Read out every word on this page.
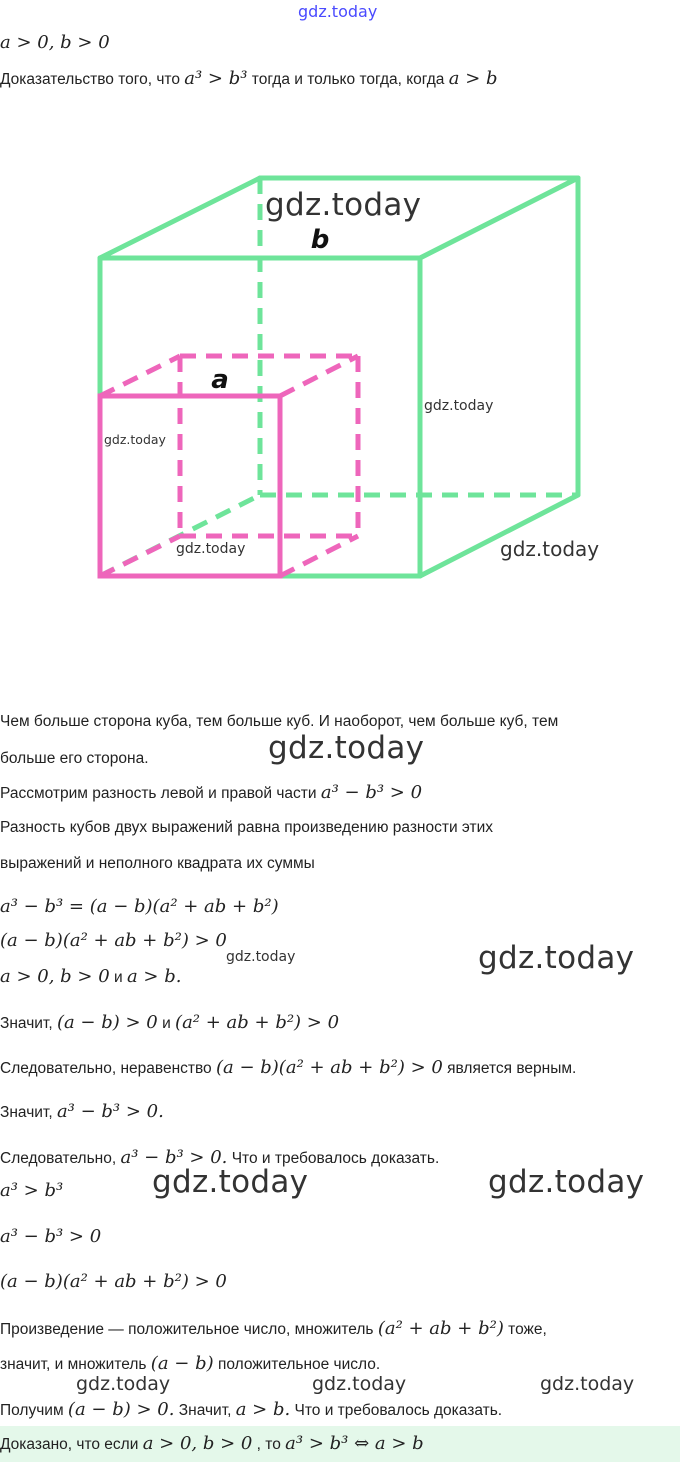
gdz.today
a > 0, b > 0
Доказательство того, что a³ > b³ тогда и только тогда, когда a > b
b
a
gdz.today
gdz.today
gdz.today
gdz.today	gdz.today
Чем больше сторона куба, тем больше куб. И наоборот, чем больше куб, тем
больше его сторона.	gdz.today
Рассмотрим разность левой и правой части a³ − b³ > 0
Разность кубов двух выражений равна произведению разности этих
выражений и неполного квадрата их суммы
a³ − b³ = (a − b)(a² + ab + b²)
(a − b)(a² + ab + b²) > 0
gdz.today	gdz.today
a > 0, b > 0 и a > b.
Значит, (a − b) > 0 и (a² + ab + b²) > 0
Следовательно, неравенство (a − b)(a² + ab + b²) > 0 является верным.
Значит, a³ − b³ > 0.
Следовательно, a³ − b³ > 0. Что и требовалось доказать.
a³ > b³	gdz.today	gdz.today
a³ − b³ > 0
(a − b)(a² + ab + b²) > 0
Произведение — положительное число, множитель (a² + ab + b²) тоже,
значит, и множитель (a − b) положительное число.
gdz.today	gdz.today	gdz.today
Получим (a − b) > 0. Значит, a > b. Что и требовалось доказать.
Доказано, что если a > 0, b > 0 , то a³ > b³ ⇔ a > b
